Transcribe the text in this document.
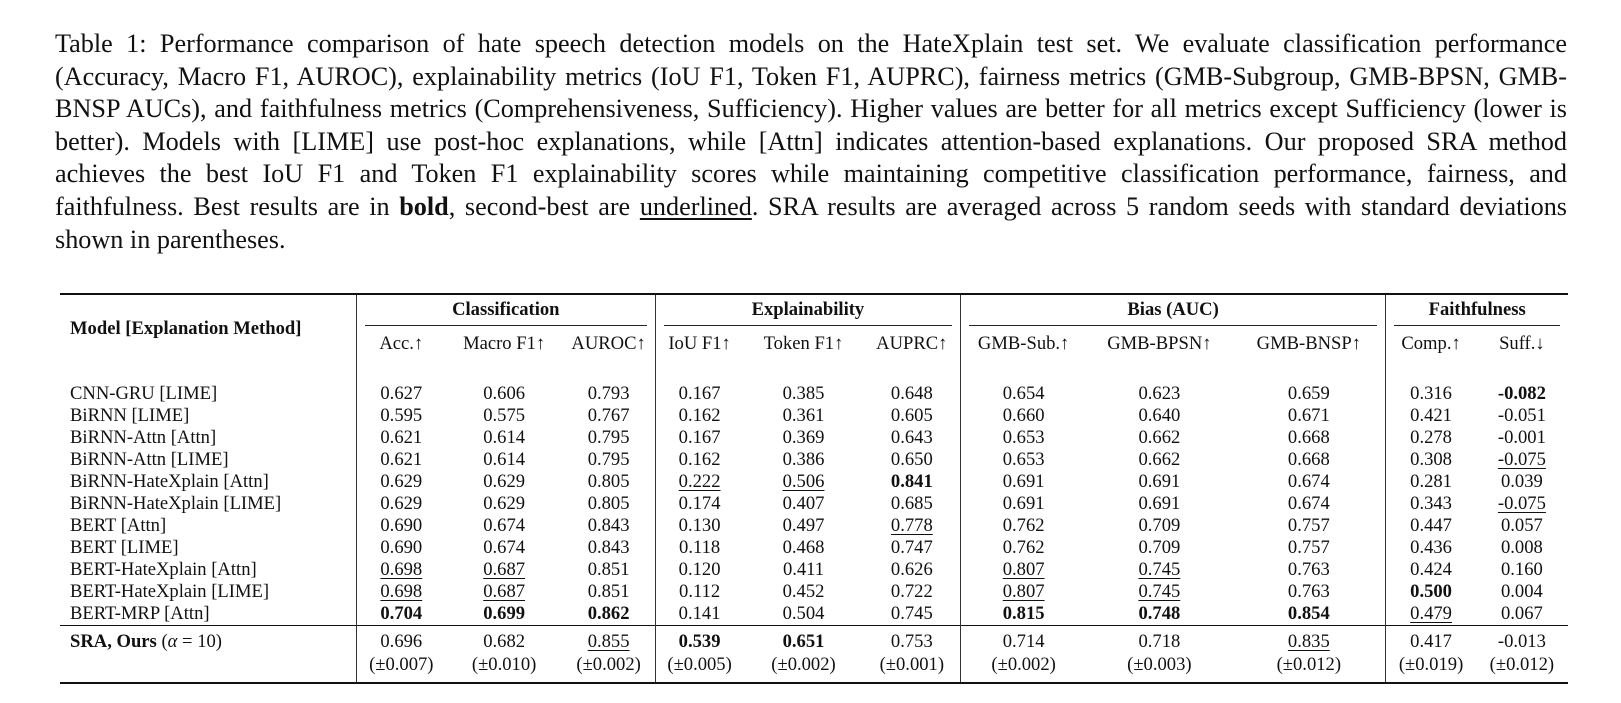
Table 1: Performance comparison of hate speech detection models on the HateXplain test set. We evaluate classification performance (Accuracy, Macro F1, AUROC), explainability metrics (IoU F1, Token F1, AUPRC), fairness metrics (GMB-Subgroup, GMB-BPSN, GMB-BNSP AUCs), and faithfulness metrics (Comprehensiveness, Sufficiency). Higher values are better for all metrics except Sufficiency (lower is better). Models with [LIME] use post-hoc explanations, while [Attn] indicates attention-based explanations. Our proposed SRA method achieves the best IoU F1 and Token F1 explainability scores while maintaining competitive classification performance, fairness, and faithfulness. Best results are in bold, second-best are underlined. SRA results are averaged across 5 random seeds with standard deviations shown in parentheses.

Model [Explanation Method]	Classification			Explainability			Bias (AUC)			Faithfulness	

	Acc.↑	Macro F1↑	AUROC↑	IoU F1↑	Token F1↑	AUPRC↑	GMB-Sub.↑	GMB-BPSN↑	GMB-BNSP↑	Comp.↑	Suff.↓

CNN-GRU [LIME]	0.627	0.606	0.793	0.167	0.385	0.648	0.654	0.623	0.659	0.316	-0.082
BiRNN [LIME]	0.595	0.575	0.767	0.162	0.361	0.605	0.660	0.640	0.671	0.421	-0.051
BiRNN-Attn [Attn]	0.621	0.614	0.795	0.167	0.369	0.643	0.653	0.662	0.668	0.278	-0.001
BiRNN-Attn [LIME]	0.621	0.614	0.795	0.162	0.386	0.650	0.653	0.662	0.668	0.308	-0.075
BiRNN-HateXplain [Attn]	0.629	0.629	0.805	0.222	0.506	0.841	0.691	0.691	0.674	0.281	0.039
BiRNN-HateXplain [LIME]	0.629	0.629	0.805	0.174	0.407	0.685	0.691	0.691	0.674	0.343	-0.075
BERT [Attn]	0.690	0.674	0.843	0.130	0.497	0.778	0.762	0.709	0.757	0.447	0.057
BERT [LIME]	0.690	0.674	0.843	0.118	0.468	0.747	0.762	0.709	0.757	0.436	0.008
BERT-HateXplain [Attn]	0.698	0.687	0.851	0.120	0.411	0.626	0.807	0.745	0.763	0.424	0.160
BERT-HateXplain [LIME]	0.698	0.687	0.851	0.112	0.452	0.722	0.807	0.745	0.763	0.500	0.004
BERT-MRP [Attn]	0.704	0.699	0.862	0.141	0.504	0.745	0.815	0.748	0.854	0.479	0.067
SRA, Ours (α = 10)	0.696	0.682	0.855	0.539	0.651	0.753	0.714	0.718	0.835	0.417	-0.013
	(±0.007)	(±0.010)	(±0.002)	(±0.005)	(±0.002)	(±0.001)	(±0.002)	(±0.003)	(±0.012)	(±0.019)	(±0.012)
